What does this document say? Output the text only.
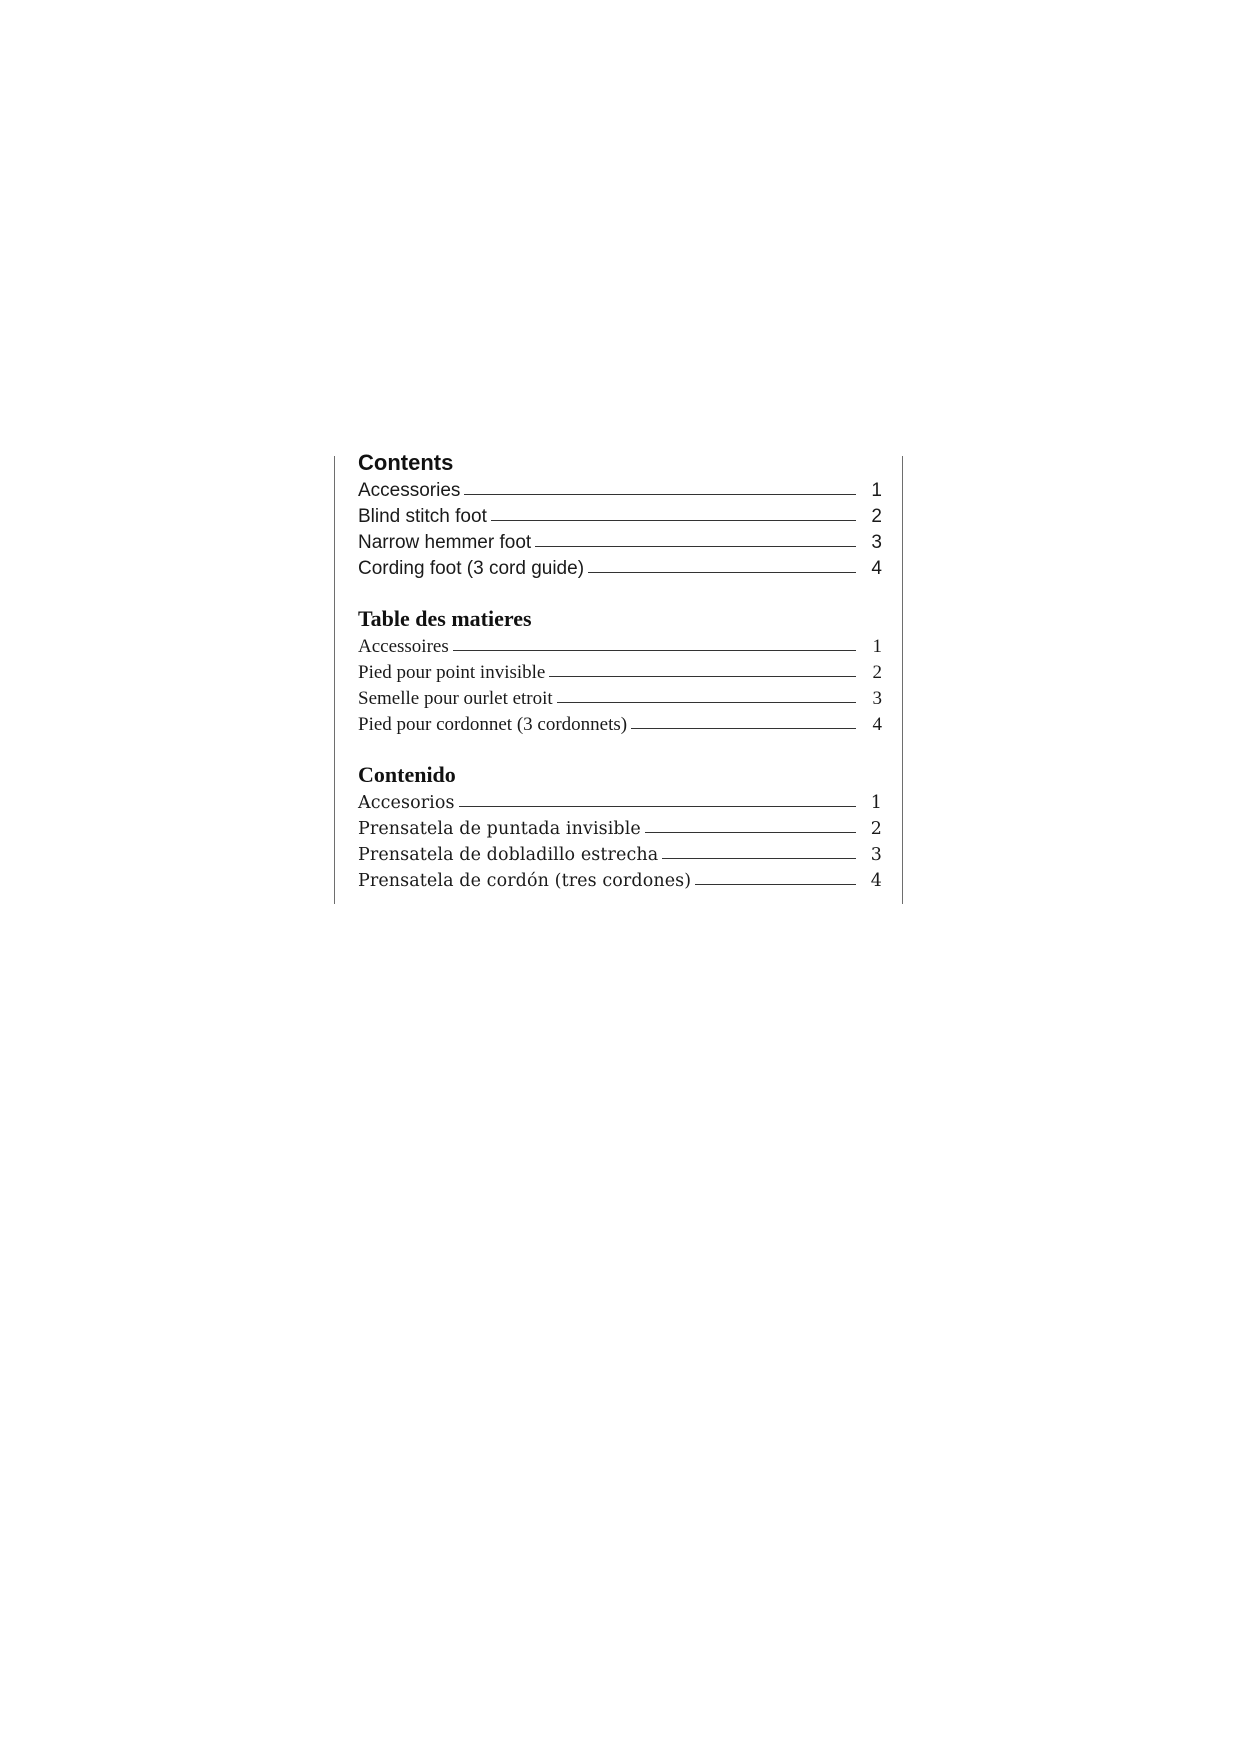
Contents
Accessories	1
Blind stitch foot	2
Narrow hemmer foot	3
Cording foot (3 cord guide)	4
Table des matieres
Accessoires	1
Pied pour point invisible	2
Semelle pour ourlet etroit	3
Pied pour cordonnet (3 cordonnets)	4
Contenido
Accesorios	1
Prensatela de puntada invisible	2
Prensatela de dobladillo estrecha	3
Prensatela de cordón (tres cordones)	4
